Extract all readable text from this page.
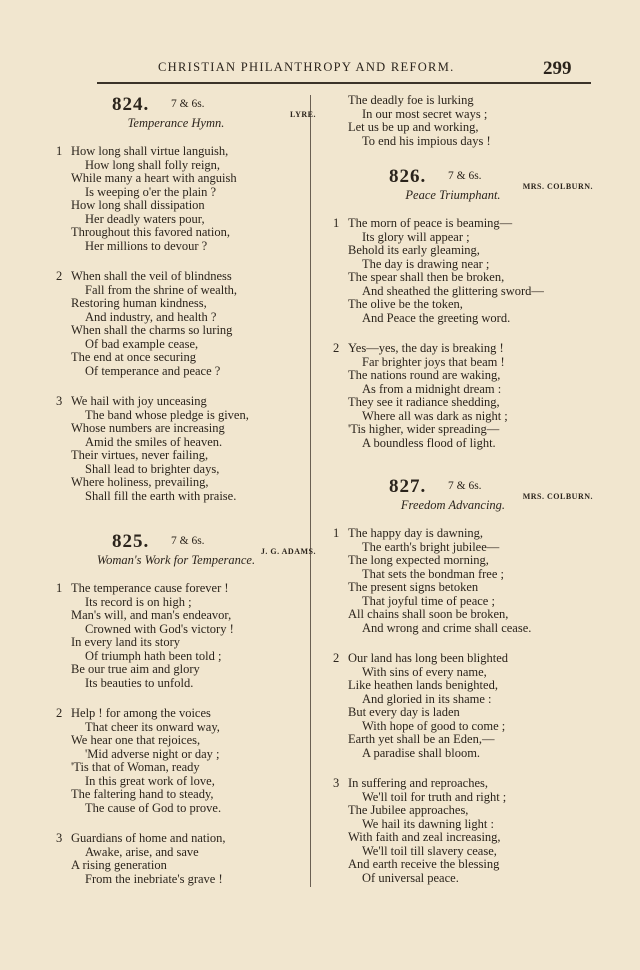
CHRISTIAN PHILANTHROPY AND REFORM.	299
824. 7 & 6s.
LYRE.
Temperance Hymn.
1 How long shall virtue languish,
How long shall folly reign,
While many a heart with anguish
Is weeping o'er the plain ?
How long shall dissipation
Her deadly waters pour,
Throughout this favored nation,
Her millions to devour ?
2 When shall the veil of blindness
Fall from the shrine of wealth,
Restoring human kindness,
And industry, and health ?
When shall the charms so luring
Of bad example cease,
The end at once securing
Of temperance and peace ?
3 We hail with joy unceasing
The band whose pledge is given,
Whose numbers are increasing
Amid the smiles of heaven.
Their virtues, never failing,
Shall lead to brighter days,
Where holiness, prevailing,
Shall fill the earth with praise.
825. 7 & 6s.
J. G. ADAMS.
Woman's Work for Temperance.
1 The temperance cause forever !
Its record is on high ;
Man's will, and man's endeavor,
Crowned with God's victory !
In every land its story
Of triumph hath been told ;
Be our true aim and glory
Its beauties to unfold.
2 Help ! for among the voices
That cheer its onward way,
We hear one that rejoices,
'Mid adverse night or day ;
'Tis that of Woman, ready
In this great work of love,
The faltering hand to steady,
The cause of God to prove.
3 Guardians of home and nation,
Awake, arise, and save
A rising generation
From the inebriate's grave !
The deadly foe is lurking
In our most secret ways ;
Let us be up and working,
To end his impious days !
826. 7 & 6s.
MRS. COLBURN.
Peace Triumphant.
1 The morn of peace is beaming—
Its glory will appear ;
Behold its early gleaming,
The day is drawing near ;
The spear shall then be broken,
And sheathed the glittering sword—
The olive be the token,
And Peace the greeting word.
2 Yes—yes, the day is breaking !
Far brighter joys that beam !
The nations round are waking,
As from a midnight dream :
They see it radiance shedding,
Where all was dark as night ;
'Tis higher, wider spreading—
A boundless flood of light.
827. 7 & 6s.
MRS. COLBURN.
Freedom Advancing.
1 The happy day is dawning,
The earth's bright jubilee—
The long expected morning,
That sets the bondman free ;
The present signs betoken
That joyful time of peace ;
All chains shall soon be broken,
And wrong and crime shall cease.
2 Our land has long been blighted
With sins of every name,
Like heathen lands benighted,
And gloried in its shame :
But every day is laden
With hope of good to come ;
Earth yet shall be an Eden,—
A paradise shall bloom.
3 In suffering and reproaches,
We'll toil for truth and right ;
The Jubilee approaches,
We hail its dawning light :
With faith and zeal increasing,
We'll toil till slavery cease,
And earth receive the blessing
Of universal peace.
